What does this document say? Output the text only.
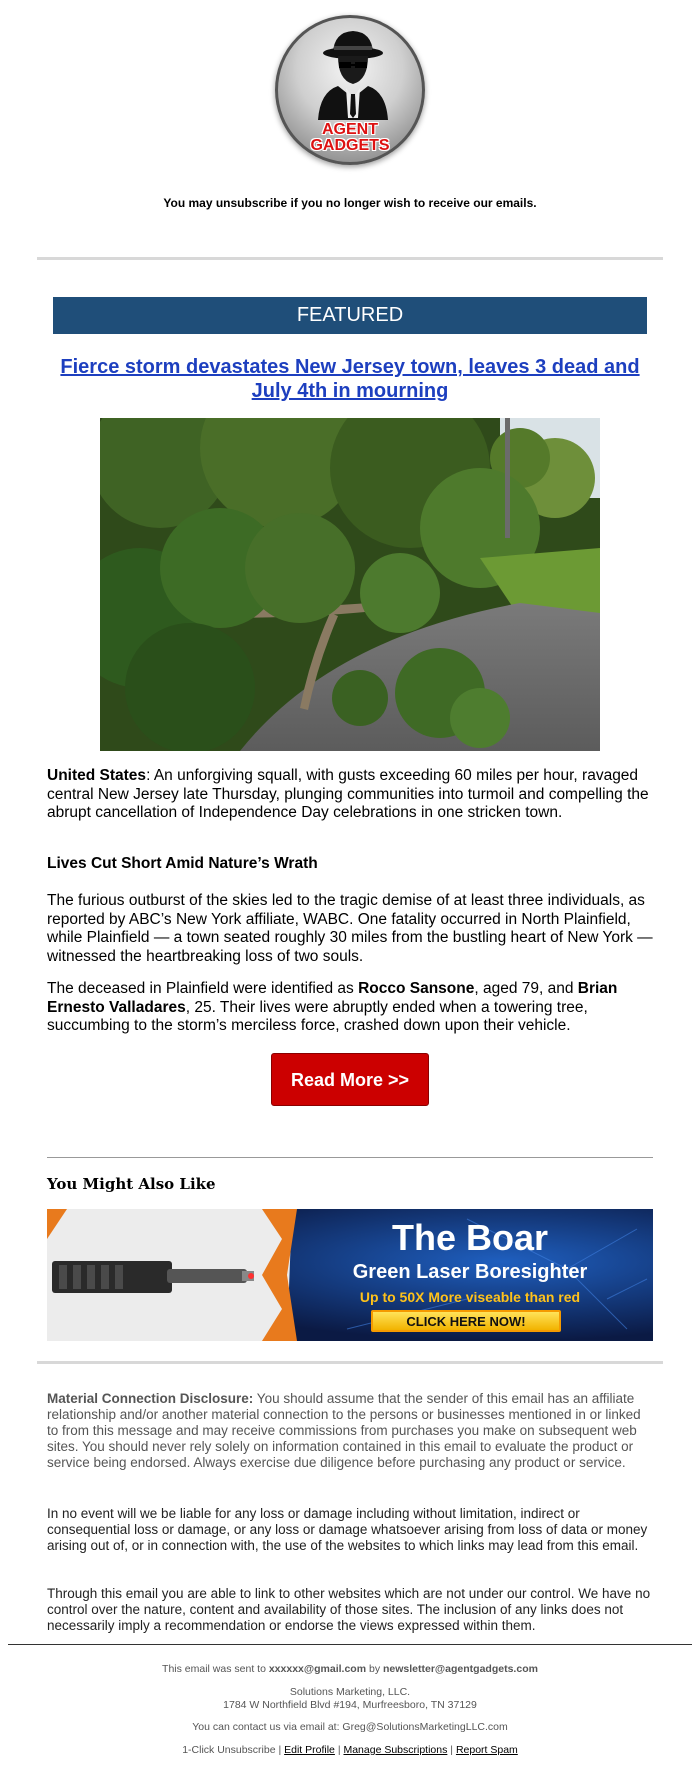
AGENT
GADGETS
You may unsubscribe if you no longer wish to receive our emails.
FEATURED
Fierce storm devastates New Jersey town, leaves 3 dead and July 4th in mourning
United States: An unforgiving squall, with gusts exceeding 60 miles per hour, ravaged central New Jersey late Thursday, plunging communities into turmoil and compelling the abrupt cancellation of Independence Day celebrations in one stricken town.
Lives Cut Short Amid Nature’s Wrath
The furious outburst of the skies led to the tragic demise of at least three individuals, as reported by ABC’s New York affiliate, WABC. One fatality occurred in North Plainfield, while Plainfield — a town seated roughly 30 miles from the bustling heart of New York — witnessed the heartbreaking loss of two souls.
The deceased in Plainfield were identified as Rocco Sansone, aged 79, and Brian Ernesto Valladares, 25. Their lives were abruptly ended when a towering tree, succumbing to the storm’s merciless force, crashed down upon their vehicle.
Read More >>
You Might Also Like
The Boar
Green Laser Boresighter
Up to 50X More viseable than red
CLICK HERE NOW!
Material Connection Disclosure: You should assume that the sender of this email has an affiliate relationship and/or another material connection to the persons or businesses mentioned in or linked to from this message and may receive commissions from purchases you make on subsequent web sites. You should never rely solely on information contained in this email to evaluate the product or service being endorsed. Always exercise due diligence before purchasing any product or service.
In no event will we be liable for any loss or damage including without limitation, indirect or consequential loss or damage, or any loss or damage whatsoever arising from loss of data or money arising out of, or in connection with, the use of the websites to which links may lead from this email.
Through this email you are able to link to other websites which are not under our control. We have no control over the nature, content and availability of those sites. The inclusion of any links does not necessarily imply a recommendation or endorse the views expressed within them.
This email was sent to xxxxxx@gmail.com by newsletter@agentgadgets.com
Solutions Marketing, LLC.
1784 W Northfield Blvd #194, Murfreesboro, TN 37129
You can contact us via email at: Greg@SolutionsMarketingLLC.com
1-Click Unsubscribe | Edit Profile | Manage Subscriptions | Report Spam
